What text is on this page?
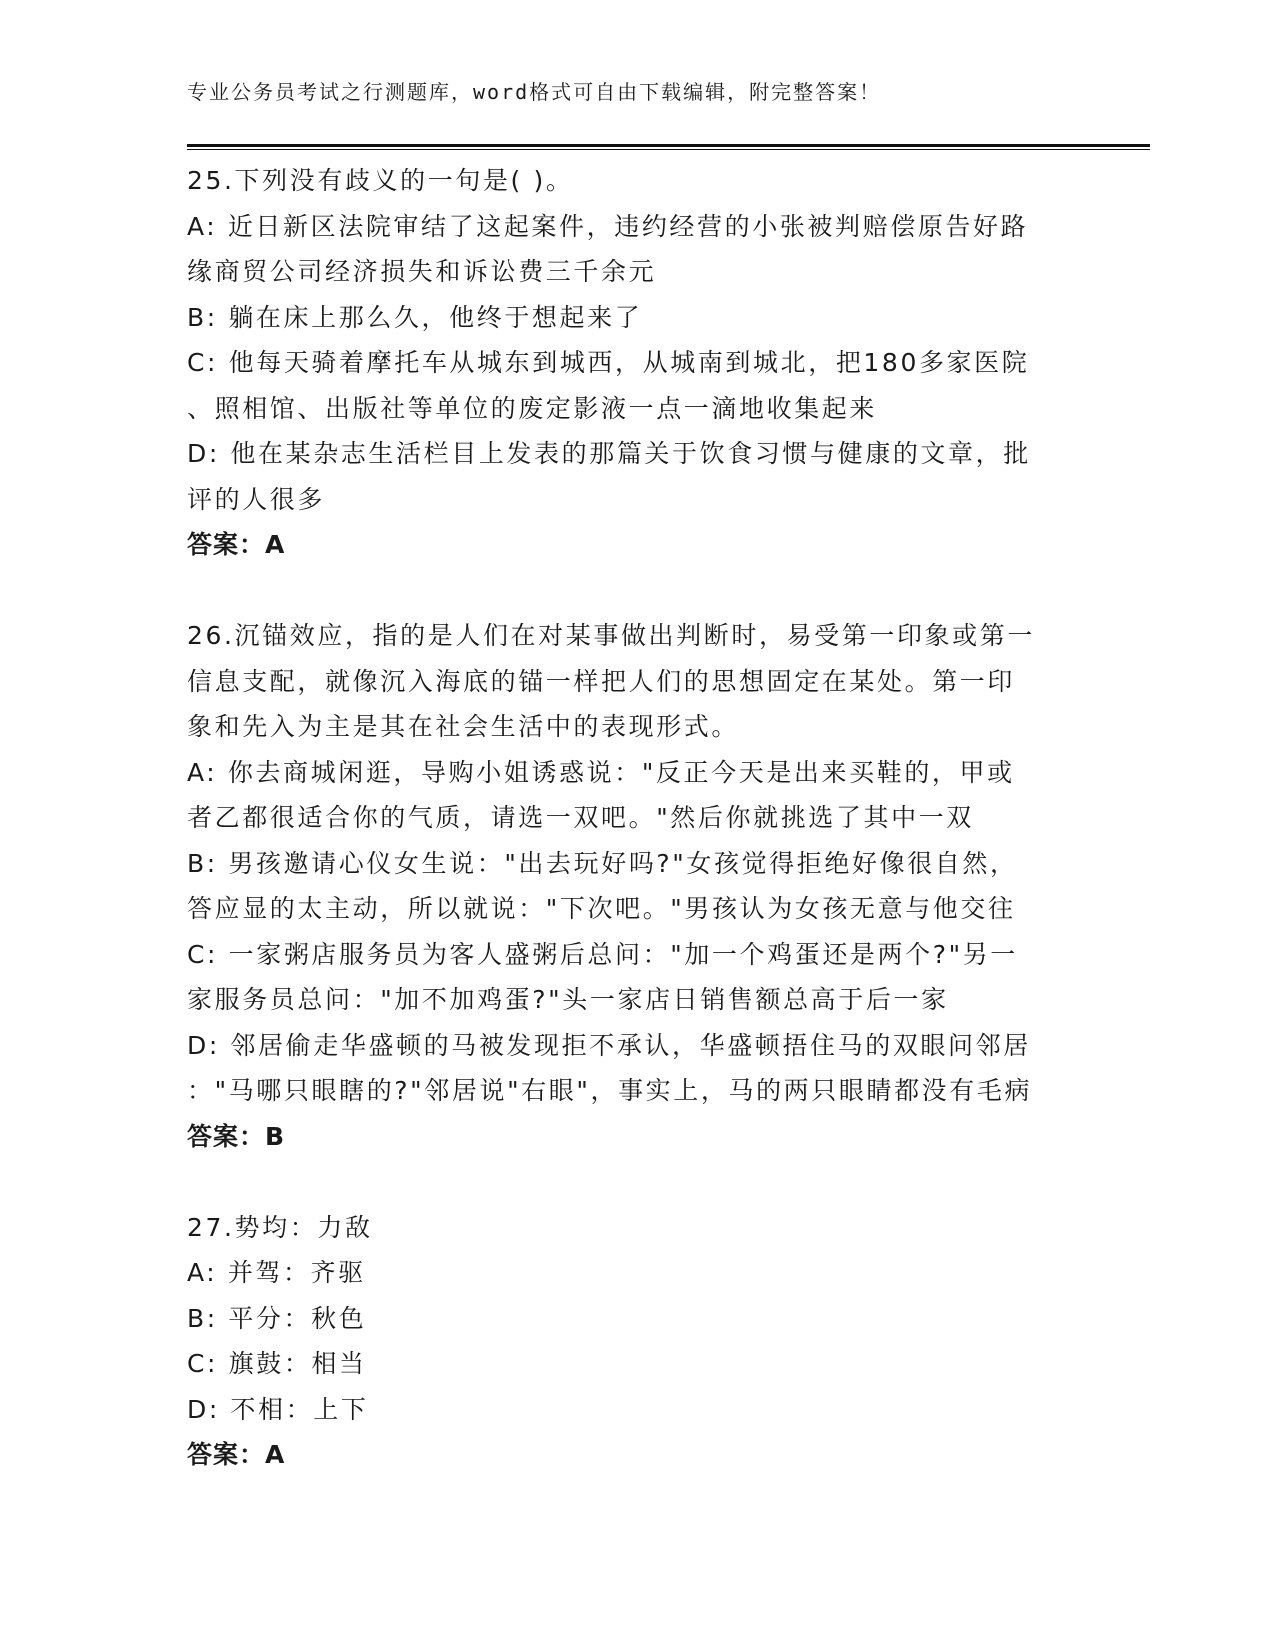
专业公务员考试之行测题库，word格式可自由下载编辑，附完整答案！
25.下列没有歧义的一句是( )。
A: 近日新区法院审结了这起案件，违约经营的小张被判赔偿原告好路
缘商贸公司经济损失和诉讼费三千余元
B: 躺在床上那么久，他终于想起来了
C: 他每天骑着摩托车从城东到城西，从城南到城北，把180多家医院
、照相馆、出版社等单位的废定影液一点一滴地收集起来
D: 他在某杂志生活栏目上发表的那篇关于饮食习惯与健康的文章，批
评的人很多
答案：A
26.沉锚效应，指的是人们在对某事做出判断时，易受第一印象或第一
信息支配，就像沉入海底的锚一样把人们的思想固定在某处。第一印
象和先入为主是其在社会生活中的表现形式。
A: 你去商城闲逛，导购小姐诱惑说："反正今天是出来买鞋的，甲或
者乙都很适合你的气质，请选一双吧。"然后你就挑选了其中一双
B: 男孩邀请心仪女生说："出去玩好吗?"女孩觉得拒绝好像很自然，
答应显的太主动，所以就说："下次吧。"男孩认为女孩无意与他交往
C: 一家粥店服务员为客人盛粥后总问："加一个鸡蛋还是两个?"另一
家服务员总问："加不加鸡蛋?"头一家店日销售额总高于后一家
D: 邻居偷走华盛顿的马被发现拒不承认，华盛顿捂住马的双眼问邻居
："马哪只眼瞎的?"邻居说"右眼"，事实上，马的两只眼睛都没有毛病
答案：B
27.势均：力敌
A: 并驾：齐驱
B: 平分：秋色
C: 旗鼓：相当
D: 不相：上下
答案：A
